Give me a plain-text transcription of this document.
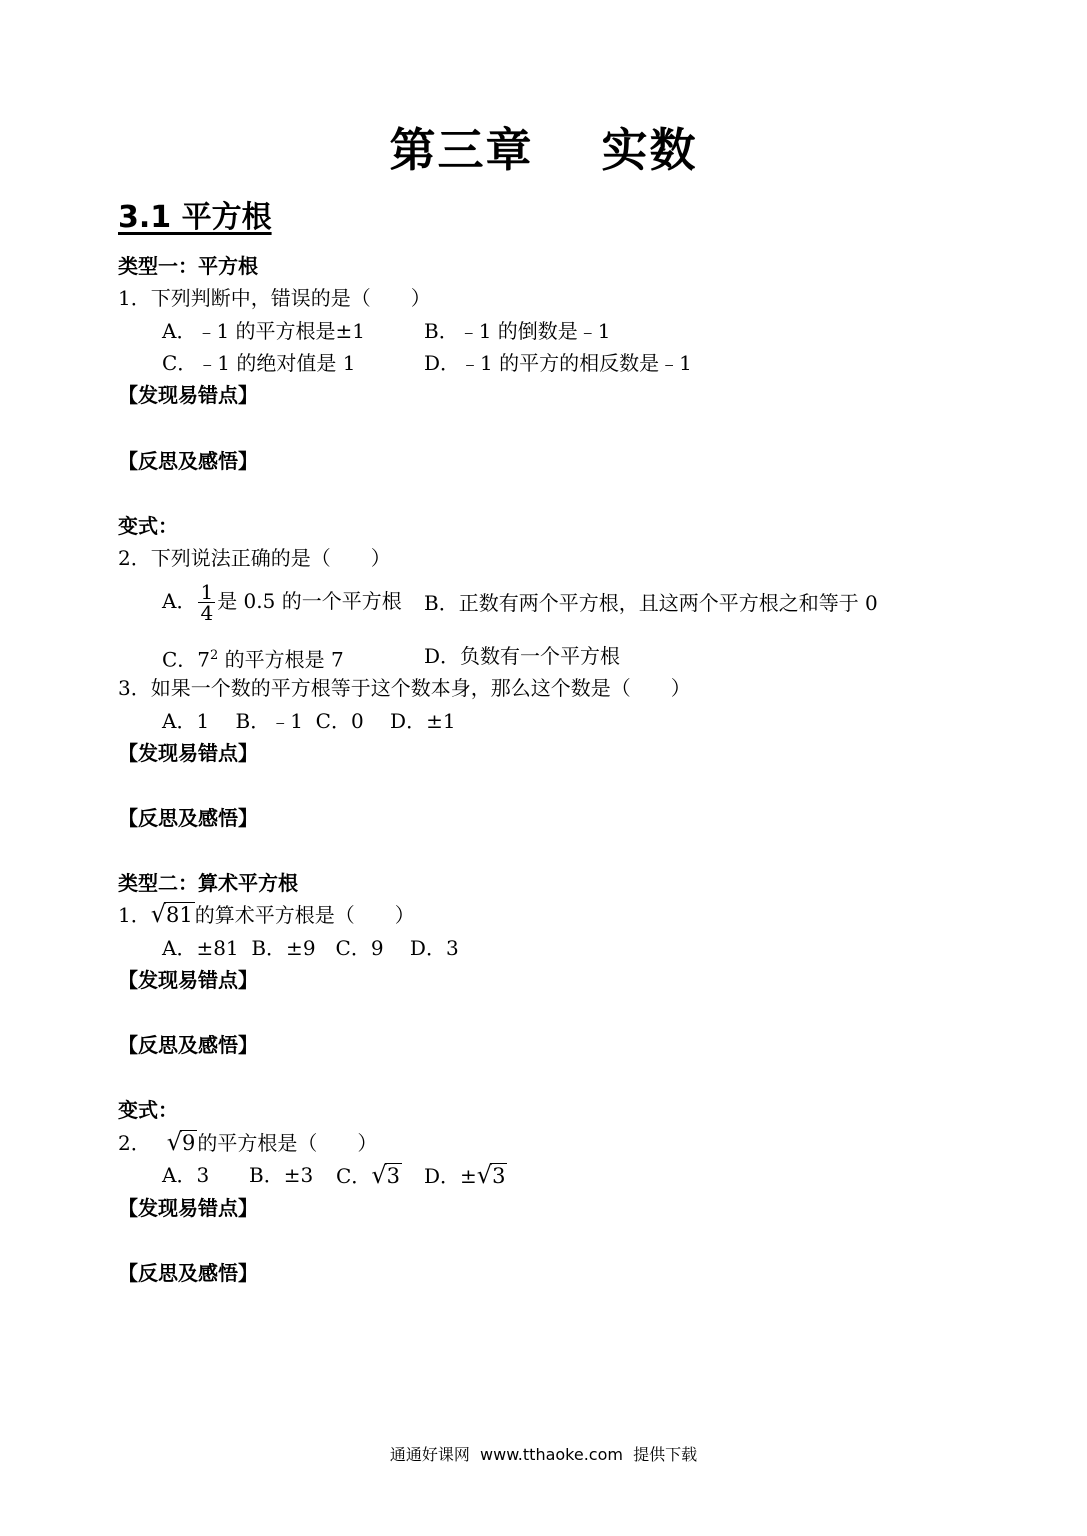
第三章 实数
3.1 平方根
类型一：平方根
1．下列判断中，错误的是（　　）
A．﹣1 的平方根是±1	B．﹣1 的倒数是﹣1
C．﹣1 的绝对值是 1	D．﹣1 的平方的相反数是﹣1
【发现易错点】
【反思及感悟】
变式：
2．下列说法正确的是（　　）
A． $\frac{1}{4}$ 是 0.5 的一个平方根 B．正数有两个平方根，且这两个平方根之和等于 0
C．$7^2$ 的平方根是 7	D．负数有一个平方根
3．如果一个数的平方根等于这个数本身，那么这个数是（　　）
A．1　 B．﹣1  C．0　 D．±1
【发现易错点】
【反思及感悟】
类型二：算术平方根
1．√81 的算术平方根是（　　）
A．±81  B．±9　C．9　 D．3
【发现易错点】
【反思及感悟】
变式：
2． √9 的平方根是（　　）
A．3 B．±3 C．√3 D．±√3
【发现易错点】
【反思及感悟】
通通好课网  www.tthaoke.com  提供下载
